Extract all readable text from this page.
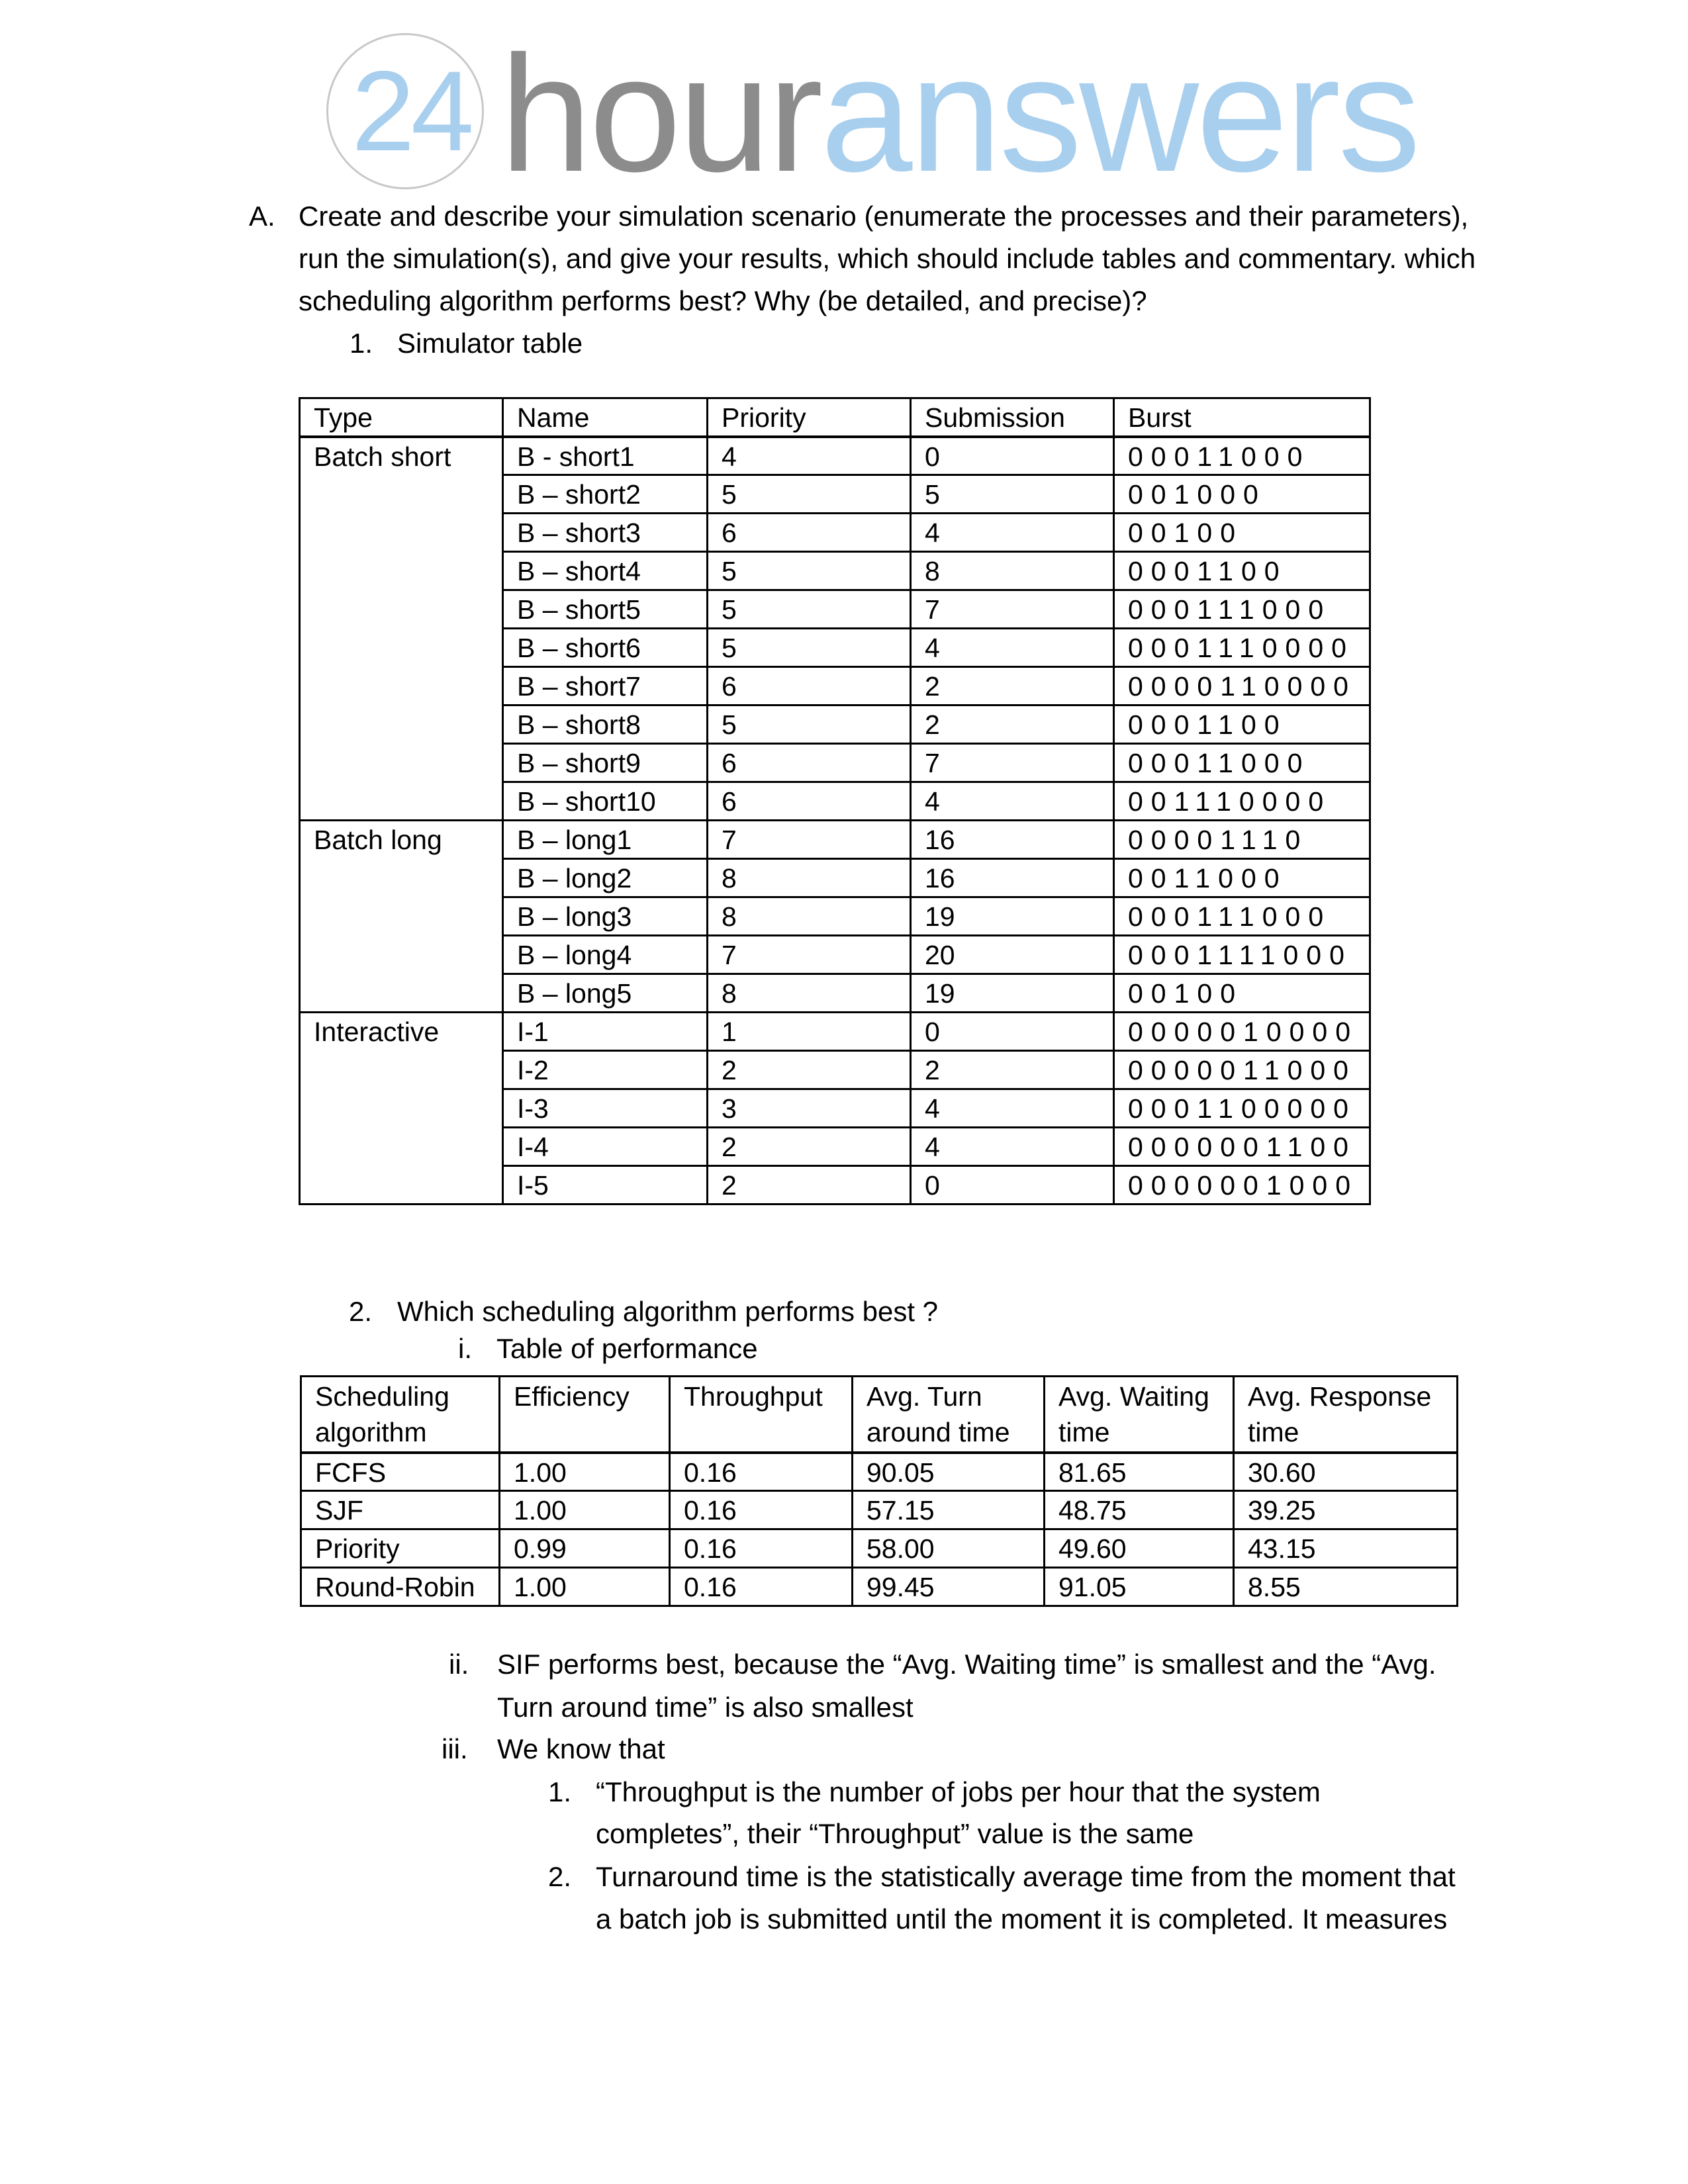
24 houranswers
A. Create and describe your simulation scenario (enumerate the processes and their parameters),
run the simulation(s), and give your results, which should include tables and commentary. which
scheduling algorithm performs best? Why (be detailed, and precise)?
1. Simulator table
Type	Name	Priority	Submission	Burst
Batch short	B - short1	4	0	00011000
	B – short2	5	5	001000
	B – short3	6	4	00100
	B – short4	5	8	0001100
	B – short5	5	7	000111000
	B – short6	5	4	0001110000
	B – short7	6	2	0000110000
	B – short8	5	2	0001100
	B – short9	6	7	00011000
	B – short10	6	4	001110000
Batch long	B – long1	7	16	00001110
	B – long2	8	16	0011000
	B – long3	8	19	000111000
	B – long4	7	20	0001111000
	B – long5	8	19	00100
Interactive	I-1	1	0	0000010000
	I-2	2	2	0000011000
	I-3	3	4	0001100000
	I-4	2	4	0000001100
	I-5	2	0	0000001000
2. Which scheduling algorithm performs best ?
i. Table of performance
Scheduling algorithm	Efficiency	Throughput	Avg. Turn around time	Avg. Waiting time	Avg. Response time
FCFS	1.00	0.16	90.05	81.65	30.60
SJF	1.00	0.16	57.15	48.75	39.25
Priority	0.99	0.16	58.00	49.60	43.15
Round-Robin	1.00	0.16	99.45	91.05	8.55
ii. SIF performs best, because the “Avg. Waiting time” is smallest and the “Avg.
Turn around time” is also smallest
iii. We know that
1. “Throughput is the number of jobs per hour that the system
completes”, their “Throughput” value is the same
2. Turnaround time is the statistically average time from the moment that
a batch job is submitted until the moment it is completed. It measures
